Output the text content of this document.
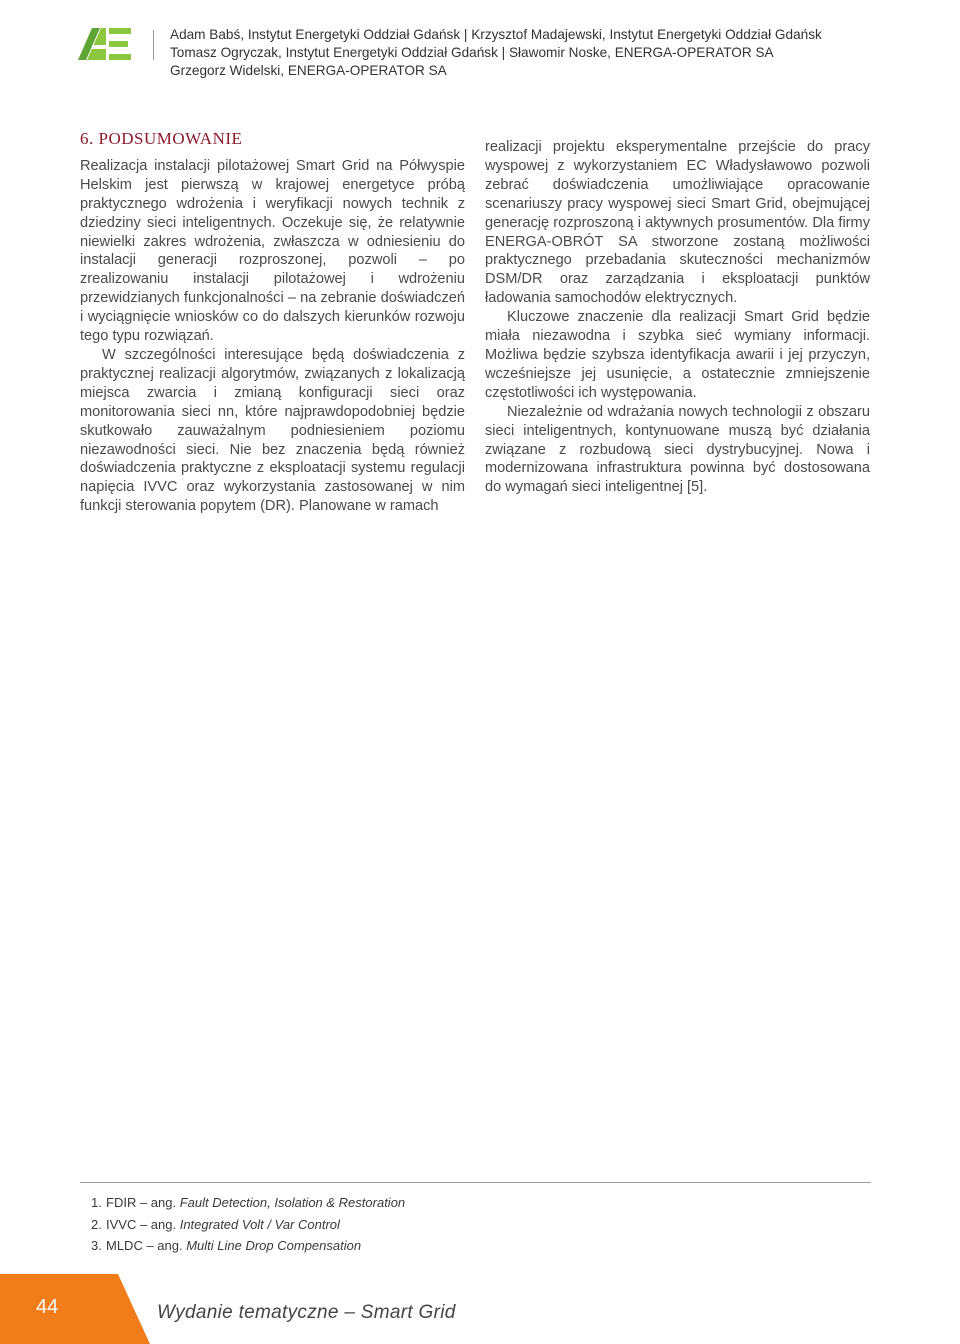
Adam Babś, Instytut Energetyki Oddział Gdańsk | Krzysztof Madajewski, Instytut Energetyki Oddział Gdańsk
Tomasz Ogryczak, Instytut Energetyki Oddział Gdańsk | Sławomir Noske, ENERGA-OPERATOR SA
Grzegorz Widelski, ENERGA-OPERATOR SA
6. PODSUMOWANIE

Realizacja instalacji pilotażowej Smart Grid na Półwyspie Helskim jest pierwszą w krajowej energetyce próbą praktycznego wdrożenia i weryfikacji nowych technik z dziedziny sieci inteligentnych. Oczekuje się, że relatywnie niewielki zakres wdrożenia, zwłaszcza w odniesieniu do instalacji generacji rozproszonej, pozwoli – po zrealizowaniu instalacji pilotażowej i wdrożeniu przewidzianych funkcjonalności – na zebranie doświadczeń i wyciągnięcie wniosków co do dalszych kierunków rozwoju tego typu rozwiązań.

W szczególności interesujące będą doświadczenia z praktycznej realizacji algorytmów, związanych z lokalizacją miejsca zwarcia i zmianą konfiguracji sieci oraz monitorowania sieci nn, które najprawdopodobniej będzie skutkowało zauważalnym podniesieniem poziomu niezawodności sieci. Nie bez znaczenia będą również doświadczenia praktyczne z eksploatacji systemu regulacji napięcia IVVC oraz wykorzystania zastosowanej w nim funkcji sterowania popytem (DR). Planowane w ramach

realizacji projektu eksperymentalne przejście do pracy wyspowej z wykorzystaniem EC Władysławowo pozwoli zebrać doświadczenia umożliwiające opracowanie scenariuszy pracy wyspowej sieci Smart Grid, obejmującej generację rozproszoną i aktywnych prosumentów. Dla firmy ENERGA-OBRÓT SA stworzone zostaną możliwości praktycznego przebadania skuteczności mechanizmów DSM/DR oraz zarządzania i eksploatacji punktów ładowania samochodów elektrycznych.

Kluczowe znaczenie dla realizacji Smart Grid będzie miała niezawodna i szybka sieć wymiany informacji. Możliwa będzie szybsza identyfikacja awarii i jej przyczyn, wcześniejsze jej usunięcie, a ostatecznie zmniejszenie częstotliwości ich występowania.

Niezależnie od wdrażania nowych technologii z obszaru sieci inteligentnych, kontynuowane muszą być działania związane z rozbudową sieci dystrybucyjnej. Nowa i modernizowana infrastruktura powinna być dostosowana do wymagań sieci inteligentnej [5].

1. FDIR – ang. Fault Detection, Isolation & Restoration
2. IVVC – ang. Integrated Volt / Var Control
3. MLDC – ang. Multi Line Drop Compensation
44	Wydanie tematyczne – Smart Grid
